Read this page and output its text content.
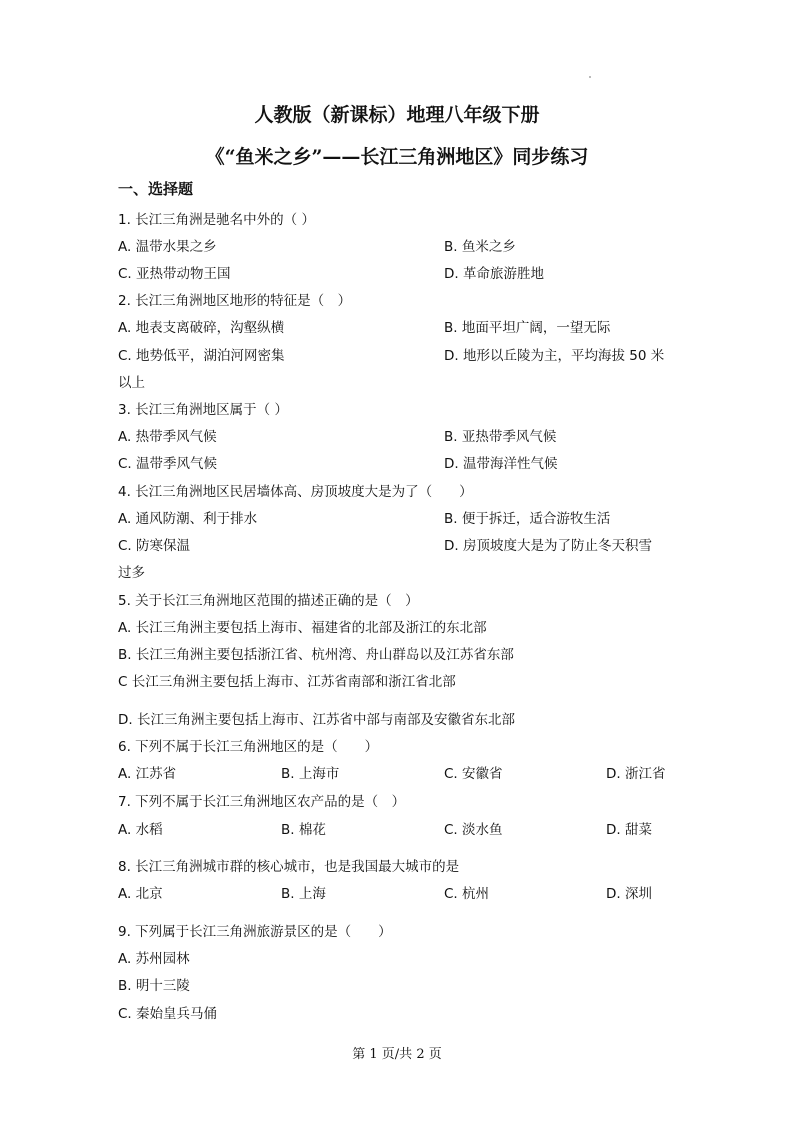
人教版（新课标）地理八年级下册
《“鱼米之乡”——长江三角洲地区》同步练习
一、选择题
1. 长江三角洲是驰名中外的（ ）
A. 温带水果之乡	B. 鱼米之乡
C. 亚热带动物王国	D. 革命旅游胜地
2. 长江三角洲地区地形的特征是（　）
A. 地表支离破碎，沟壑纵横	B. 地面平坦广阔，一望无际
C. 地势低平，湖泊河网密集	D. 地形以丘陵为主，平均海拔 50 米
以上
3. 长江三角洲地区属于（ ）
A. 热带季风气候	B. 亚热带季风气候
C. 温带季风气候	D. 温带海洋性气候
4. 长江三角洲地区民居墙体高、房顶坡度大是为了（　　）
A. 通风防潮、利于排水	B. 便于拆迁，适合游牧生活
C. 防寒保温	D. 房顶坡度大是为了防止冬天积雪
过多
5. 关于长江三角洲地区范围的描述正确的是（　）
A. 长江三角洲主要包括上海市、福建省的北部及浙江的东北部
B. 长江三角洲主要包括浙江省、杭州湾、舟山群岛以及江苏省东部
C 长江三角洲主要包括上海市、江苏省南部和浙江省北部
D. 长江三角洲主要包括上海市、江苏省中部与南部及安徽省东北部
6. 下列不属于长江三角洲地区的是（　　）
A. 江苏省	B. 上海市	C. 安徽省	D. 浙江省
7. 下列不属于长江三角洲地区农产品的是（　）
A. 水稻	B. 棉花	C. 淡水鱼	D. 甜菜
8. 长江三角洲城市群的核心城市，也是我国最大城市的是
A. 北京	B. 上海	C. 杭州	D. 深圳
9. 下列属于长江三角洲旅游景区的是（　　）
A. 苏州园林
B. 明十三陵
C. 秦始皇兵马俑
第 1 页/共 2 页
